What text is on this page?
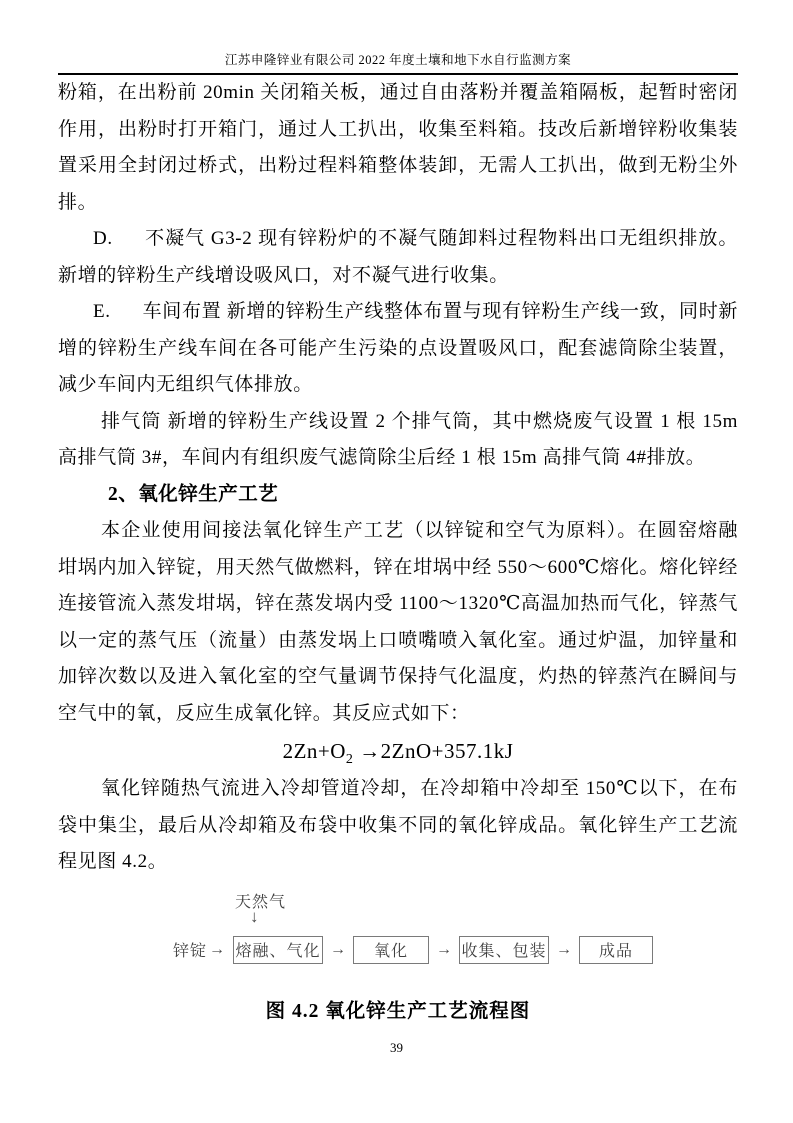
江苏申隆锌业有限公司 2022 年度土壤和地下水自行监测方案

粉箱，在出粉前 20min 关闭箱关板，通过自由落粉并覆盖箱隔板，起暂时密闭作用，出粉时打开箱门，通过人工扒出，收集至料箱。技改后新增锌粉收集装置采用全封闭过桥式，出粉过程料箱整体装卸，无需人工扒出，做到无粉尘外排。

D. 不凝气 G3-2 现有锌粉炉的不凝气随卸料过程物料出口无组织排放。新增的锌粉生产线增设吸风口，对不凝气进行收集。

E. 车间布置 新增的锌粉生产线整体布置与现有锌粉生产线一致，同时新增的锌粉生产线车间在各可能产生污染的点设置吸风口，配套滤筒除尘装置， 减少车间内无组织气体排放。

排气筒 新增的锌粉生产线设置 2 个排气筒，其中燃烧废气设置 1 根 15m 高排气筒 3#，车间内有组织废气滤筒除尘后经 1 根 15m 高排气筒 4#排放。

2、氧化锌生产工艺

本企业使用间接法氧化锌生产工艺（以锌锭和空气为原料）。在圆窑熔融坩埚内加入锌锭，用天然气做燃料，锌在坩埚中经 550～600℃熔化。熔化锌经连接管流入蒸发坩埚，锌在蒸发埚内受 1100～1320℃高温加热而气化，锌蒸气以一定的蒸气压（流量）由蒸发埚上口喷嘴喷入氧化室。通过炉温，加锌量和加锌次数以及进入氧化室的空气量调节保持气化温度，灼热的锌蒸汽在瞬间与空气中的氧，反应生成氧化锌。其反应式如下：

$2Zn+O_2 \to 2ZnO+357.1kJ$

氧化锌随热气流进入冷却管道冷却，在冷却箱中冷却至 150℃以下，在布袋中集尘，最后从冷却箱及布袋中收集不同的氧化锌成品。氧化锌生产工艺流程见图 4.2。

天然气
↓
锌锭 → 熔融、气化 →	氧化	→ 收集、包装 →	成品
图 4.2 氧化锌生产工艺流程图
39
